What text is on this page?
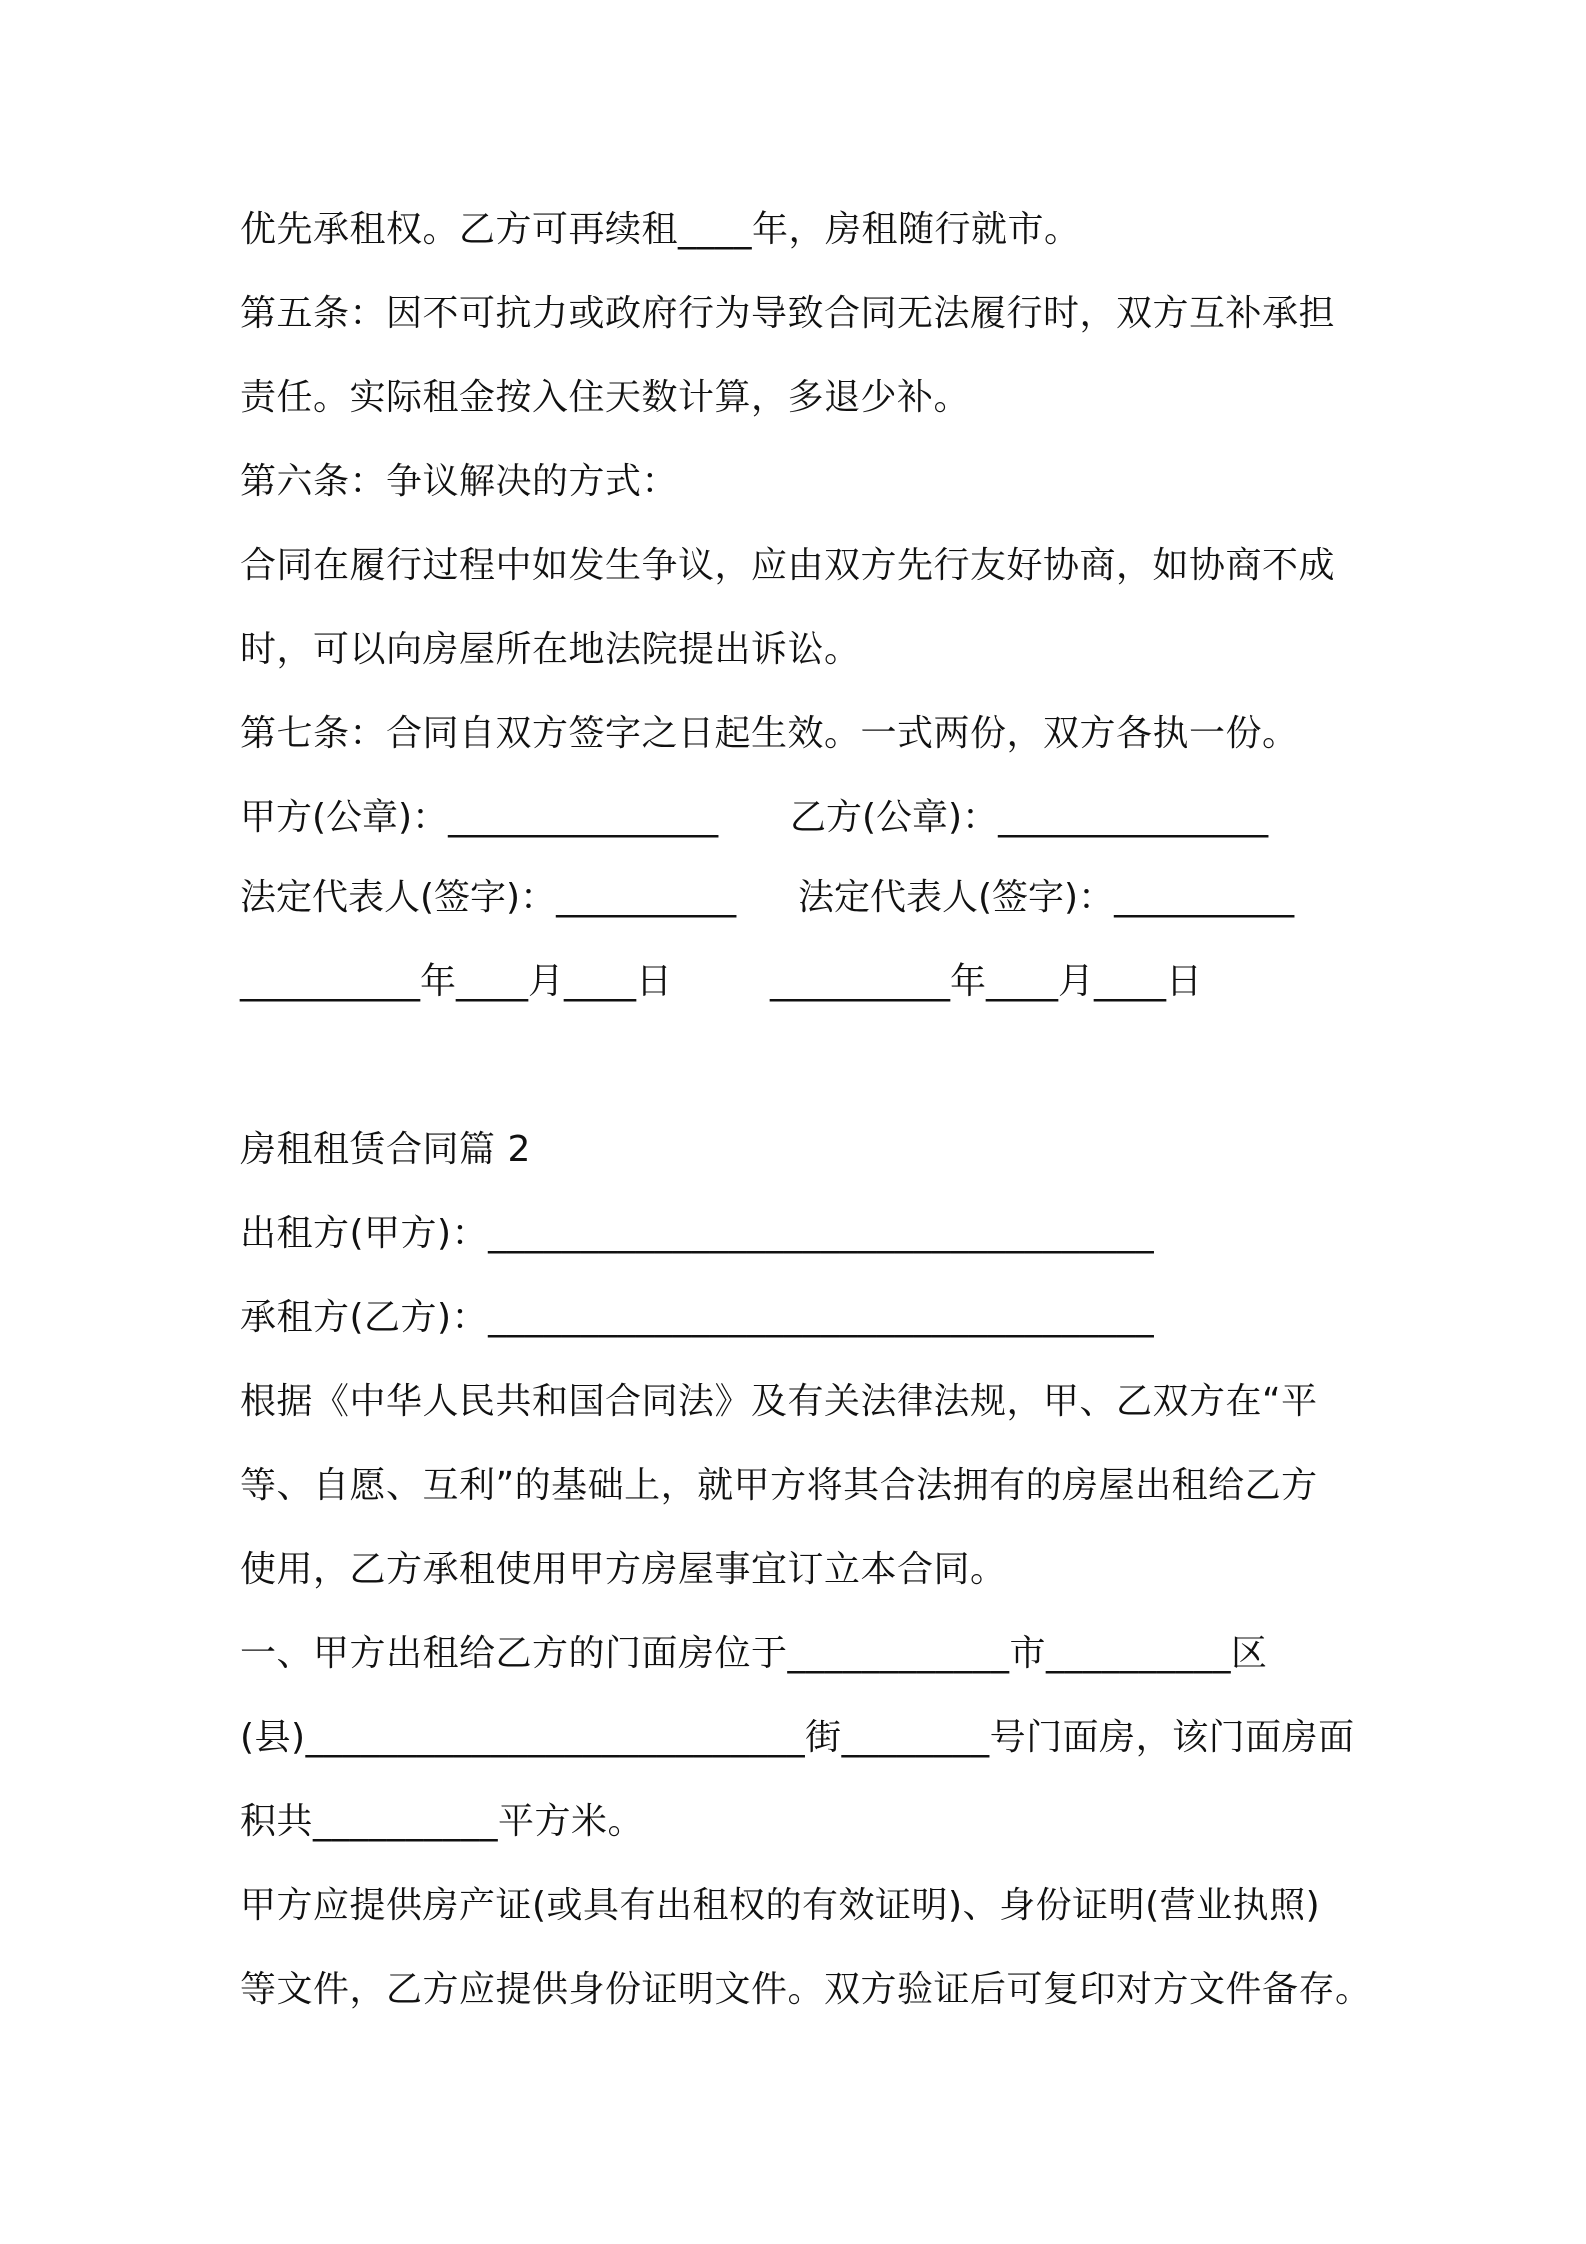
优先承租权。乙方可再续租____年，房租随行就市。
第五条：因不可抗力或政府行为导致合同无法履行时，双方互补承担
责任。实际租金按入住天数计算，多退少补。
第六条：争议解决的方式：
合同在履行过程中如发生争议，应由双方先行友好协商，如协商不成
时，可以向房屋所在地法院提出诉讼。
第七条：合同自双方签字之日起生效。一式两份，双方各执一份。
甲方(公章)：_______________ 乙方(公章)：_______________
法定代表人(签字)：__________ 法定代表人(签字)：__________
__________年____月____日	__________年____月____日
房租租赁合同篇 2
出租方(甲方)：____________________________________
承租方(乙方)：____________________________________
根据《中华人民共和国合同法》及有关法律法规，甲、乙双方在“平
等、自愿、互利”的基础上，就甲方将其合法拥有的房屋出租给乙方
使用，乙方承租使用甲方房屋事宜订立本合同。
一、甲方出租给乙方的门面房位于____________市__________区
(县)___________________________街________号门面房，该门面房面
积共__________平方米。
甲方应提供房产证(或具有出租权的有效证明)、身份证明(营业执照)
等文件，乙方应提供身份证明文件。双方验证后可复印对方文件备存。
